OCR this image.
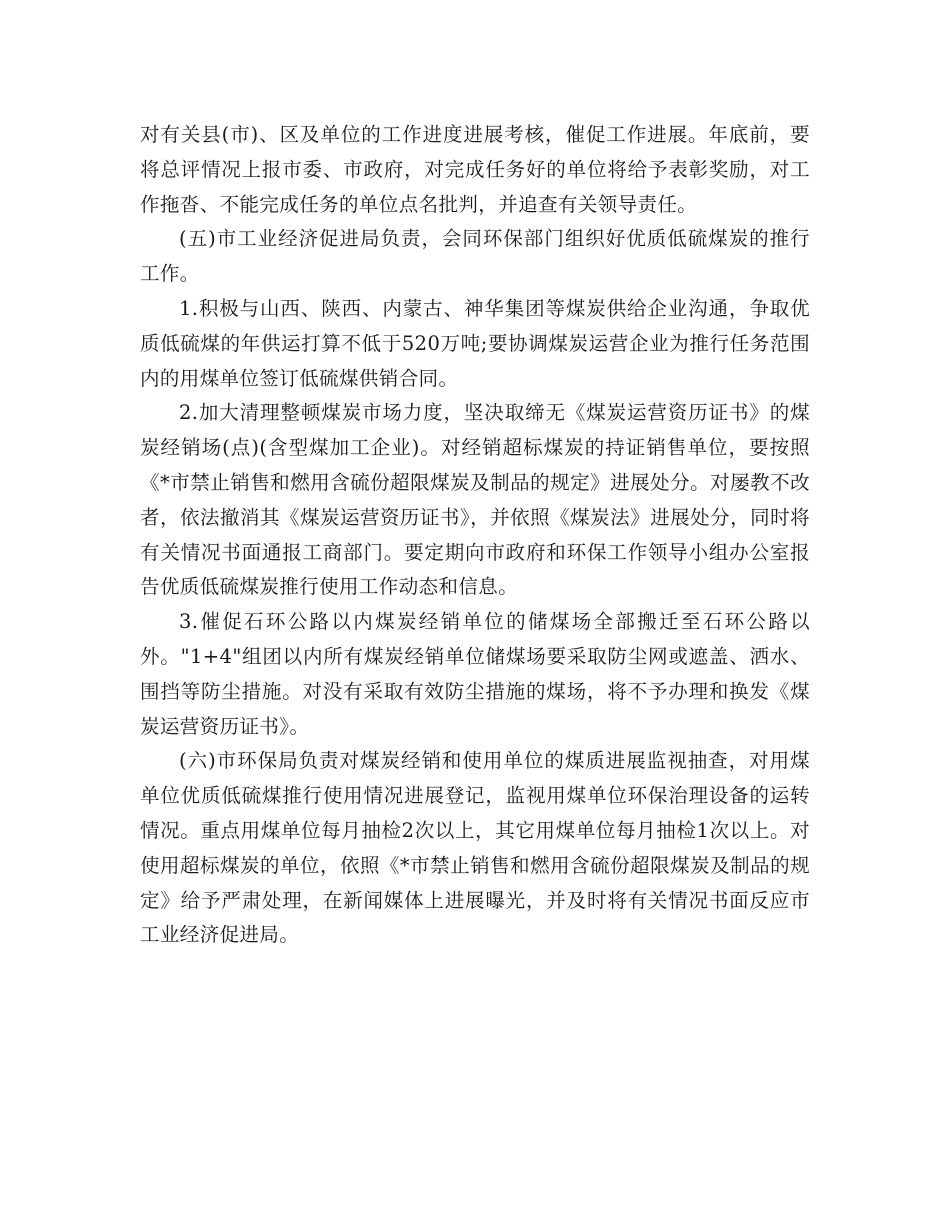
对有关县(市)、区及单位的工作进度进展考核，催促工作进展。年底前，要将总评情况上报市委、市政府，对完成任务好的单位将给予表彰奖励，对工作拖沓、不能完成任务的单位点名批判，并追查有关领导责任。

(五)市工业经济促进局负责，会同环保部门组织好优质低硫煤炭的推行工作。

1.积极与山西、陕西、内蒙古、神华集团等煤炭供给企业沟通，争取优质低硫煤的年供运打算不低于520万吨;要协调煤炭运营企业为推行任务范围内的用煤单位签订低硫煤供销合同。

2.加大清理整顿煤炭市场力度，坚决取缔无《煤炭运营资历证书》的煤炭经销场(点)(含型煤加工企业)。对经销超标煤炭的持证销售单位，要按照《*市禁止销售和燃用含硫份超限煤炭及制品的规定》进展处分。对屡教不改者，依法撤消其《煤炭运营资历证书》，并依照《煤炭法》进展处分，同时将有关情况书面通报工商部门。要定期向市政府和环保工作领导小组办公室报告优质低硫煤炭推行使用工作动态和信息。

3.催促石环公路以内煤炭经销单位的储煤场全部搬迁至石环公路以外。"1+4"组团以内所有煤炭经销单位储煤场要采取防尘网或遮盖、洒水、围挡等防尘措施。对没有采取有效防尘措施的煤场，将不予办理和换发《煤炭运营资历证书》。

(六)市环保局负责对煤炭经销和使用单位的煤质进展监视抽查，对用煤单位优质低硫煤推行使用情况进展登记，监视用煤单位环保治理设备的运转情况。重点用煤单位每月抽检2次以上，其它用煤单位每月抽检1次以上。对使用超标煤炭的单位，依照《*市禁止销售和燃用含硫份超限煤炭及制品的规定》给予严肃处理，在新闻媒体上进展曝光，并及时将有关情况书面反应市工业经济促进局。
